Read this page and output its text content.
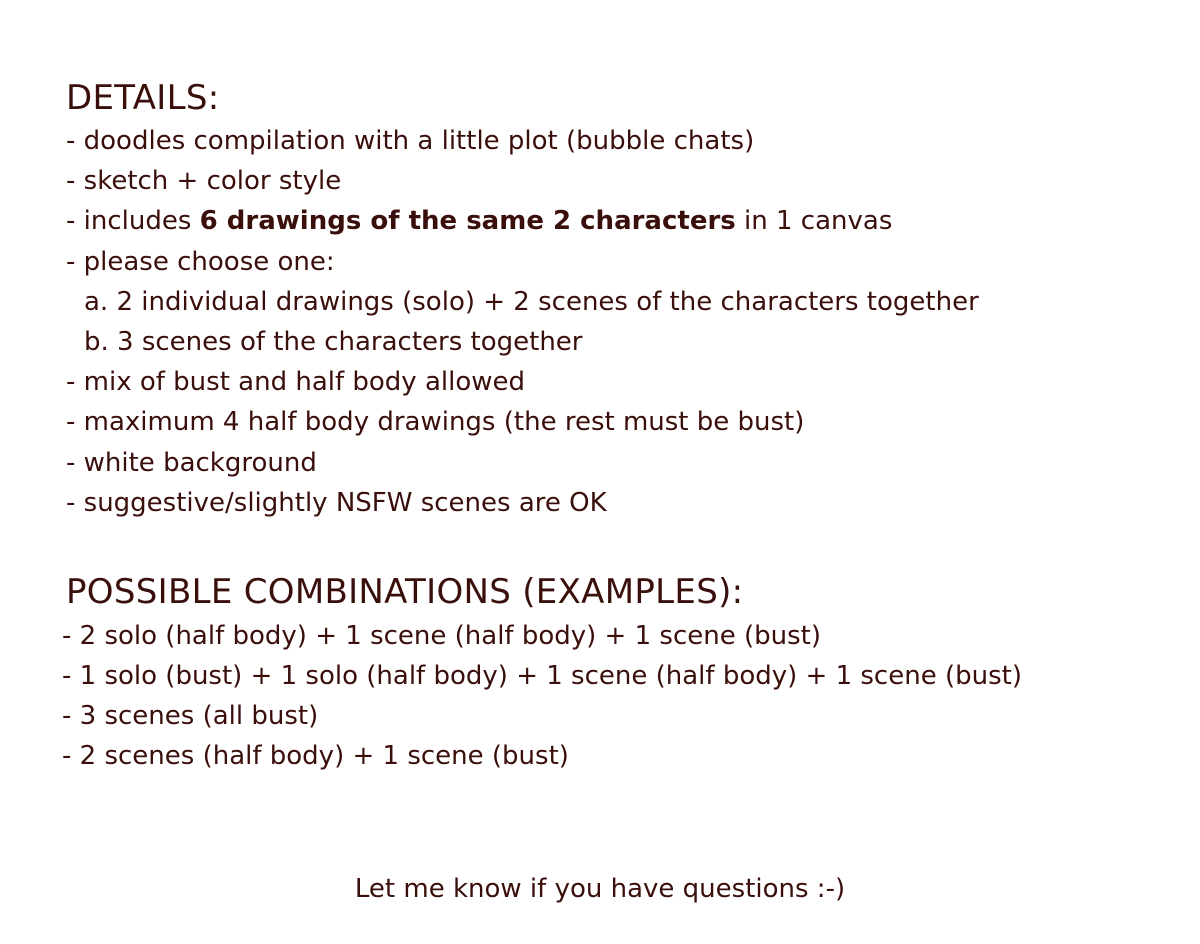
DETAILS:

- doodles compilation with a little plot (bubble chats)

- sketch + color style

- includes 6 drawings of the same 2 characters in 1 canvas

- please choose one:

a. 2 individual drawings (solo) + 2 scenes of the characters together

b. 3 scenes of the characters together

- mix of bust and half body allowed

- maximum 4 half body drawings (the rest must be bust)

- white background

- suggestive/slightly NSFW scenes are OK

POSSIBLE COMBINATIONS (EXAMPLES):

- 2 solo (half body) + 1 scene (half body) + 1 scene (bust)

- 1 solo (bust) + 1 solo (half body) + 1 scene (half body) + 1 scene (bust)

- 3 scenes (all bust)

- 2 scenes (half body) + 1 scene (bust)

Let me know if you have questions :-)
